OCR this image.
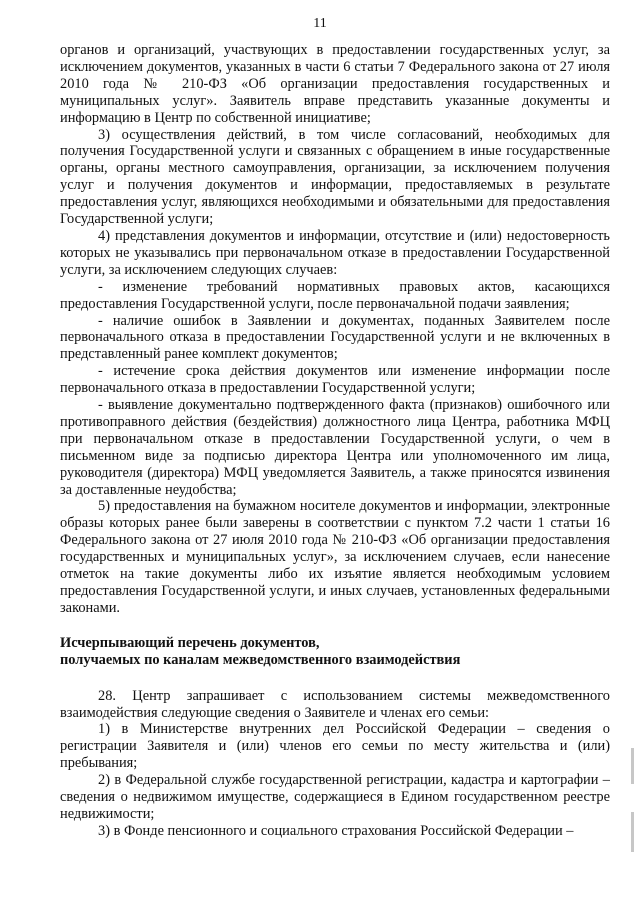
11

органов и организаций, участвующих в предоставлении государственных услуг, за исключением документов, указанных в части 6 статьи 7 Федерального закона от 27 июля 2010 года № 210-ФЗ «Об организации предоставления государственных и муниципальных услуг». Заявитель вправе представить указанные документы и информацию в Центр по собственной инициативе;

3) осуществления действий, в том числе согласований, необходимых для получения Государственной услуги и связанных с обращением в иные государственные органы, органы местного самоуправления, организации, за исключением получения услуг и получения документов и информации, предоставляемых в результате предоставления услуг, являющихся необходимыми и обязательными для предоставления Государственной услуги;

4) представления документов и информации, отсутствие и (или) недостоверность которых не указывались при первоначальном отказе в предоставлении Государственной услуги, за исключением следующих случаев:

- изменение требований нормативных правовых актов, касающихся предоставления Государственной услуги, после первоначальной подачи заявления;

- наличие ошибок в Заявлении и документах, поданных Заявителем после первоначального отказа в предоставлении Государственной услуги и не включенных в представленный ранее комплект документов;

- истечение срока действия документов или изменение информации после первоначального отказа в предоставлении Государственной услуги;

- выявление документально подтвержденного факта (признаков) ошибочного или противоправного действия (бездействия) должностного лица Центра, работника МФЦ при первоначальном отказе в предоставлении Государственной услуги, о чем в письменном виде за подписью директора Центра или уполномоченного им лица, руководителя (директора) МФЦ уведомляется Заявитель, а также приносятся извинения за доставленные неудобства;

5) предоставления на бумажном носителе документов и информации, электронные образы которых ранее были заверены в соответствии с пунктом 7.2 части 1 статьи 16 Федерального закона от 27 июля 2010 года № 210-ФЗ «Об организации предоставления государственных и муниципальных услуг», за исключением случаев, если нанесение отметок на такие документы либо их изъятие является необходимым условием предоставления Государственной услуги, и иных случаев, установленных федеральными законами.

Исчерпывающий перечень документов,

получаемых по каналам межведомственного взаимодействия

28. Центр запрашивает с использованием системы межведомственного взаимодействия следующие сведения о Заявителе и членах его семьи:

1) в Министерстве внутренних дел Российской Федерации – сведения о регистрации Заявителя и (или) членов его семьи по месту жительства и (или) пребывания;

2) в Федеральной службе государственной регистрации, кадастра и картографии – сведения о недвижимом имуществе, содержащиеся в Едином государственном реестре недвижимости;

3) в Фонде пенсионного и социального страхования Российской Федерации –
